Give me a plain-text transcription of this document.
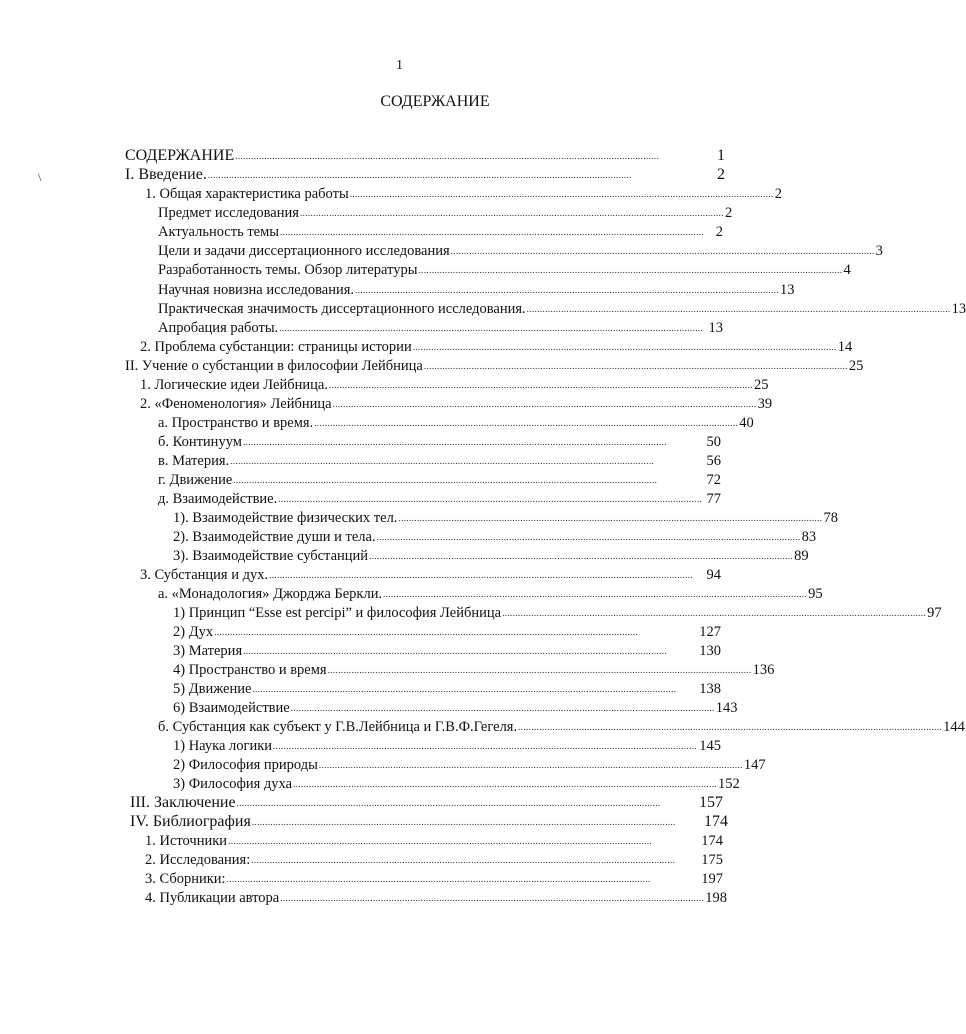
1
СОДЕРЖАНИЕ
\
СОДЕРЖАНИЕ ................................................................................................................................................................	1
I. Введение. ................................................................................................................................................................	2
1. Общая характеристика работы ................................................................................................................................................................ 2
Предмет исследования ................................................................................................................................................................ 2
Актуальность темы ................................................................................................................................................................ 2
Цели и задачи диссертационного исследования ................................................................................................................................................................ 3
Разработанность темы. Обзор литературы ................................................................................................................................................................ 4
Научная новизна исследования. ................................................................................................................................................................ 13
Практическая значимость диссертационного исследования. ................................................................................................................................................................ 13
Апробация работы. ................................................................................................................................................................ 13
2. Проблема субстанции: страницы истории ................................................................................................................................................................ 14
II. Учение о субстанции в философии Лейбница ................................................................................................................................................................ 25
1. Логические идеи Лейбница. ................................................................................................................................................................ 25
2. «Феноменология» Лейбница ................................................................................................................................................................ 39
а. Пространство и время. ................................................................................................................................................................ 40
б. Континуум ................................................................................................................................................................	50
в. Материя. ................................................................................................................................................................	56
г. Движение ................................................................................................................................................................	72
д. Взаимодействие. ................................................................................................................................................................ 77
1). Взаимодействие физических тел. ................................................................................................................................................................ 78
2). Взаимодействие души и тела. ................................................................................................................................................................ 83
3). Взаимодействие субстанций ................................................................................................................................................................ 89
3. Субстанция и дух. ................................................................................................................................................................ 94
а. «Монадология» Джорджа Беркли. ................................................................................................................................................................ 95
1) Принцип “Esse est percipi” и философия Лейбница ................................................................................................................................................................ 97
2) Дух ................................................................................................................................................................	127
3) Материя ................................................................................................................................................................	130
4) Пространство и время ................................................................................................................................................................ 136
5) Движение ................................................................................................................................................................	138
6) Взаимодействие ................................................................................................................................................................ 143
б. Субстанция как субъект у Г.В.Лейбница и Г.В.Ф.Гегеля. ................................................................................................................................................................ 144
1) Наука логики ................................................................................................................................................................ 145
2) Философия природы ................................................................................................................................................................ 147
3) Философия духа ................................................................................................................................................................ 152
III. Заключение ................................................................................................................................................................	157
IV. Библиография ................................................................................................................................................................	174
1. Источники ................................................................................................................................................................	174
2. Исследования: ................................................................................................................................................................	175
3. Сборники: ................................................................................................................................................................	197
4. Публикации автора ................................................................................................................................................................ 198
